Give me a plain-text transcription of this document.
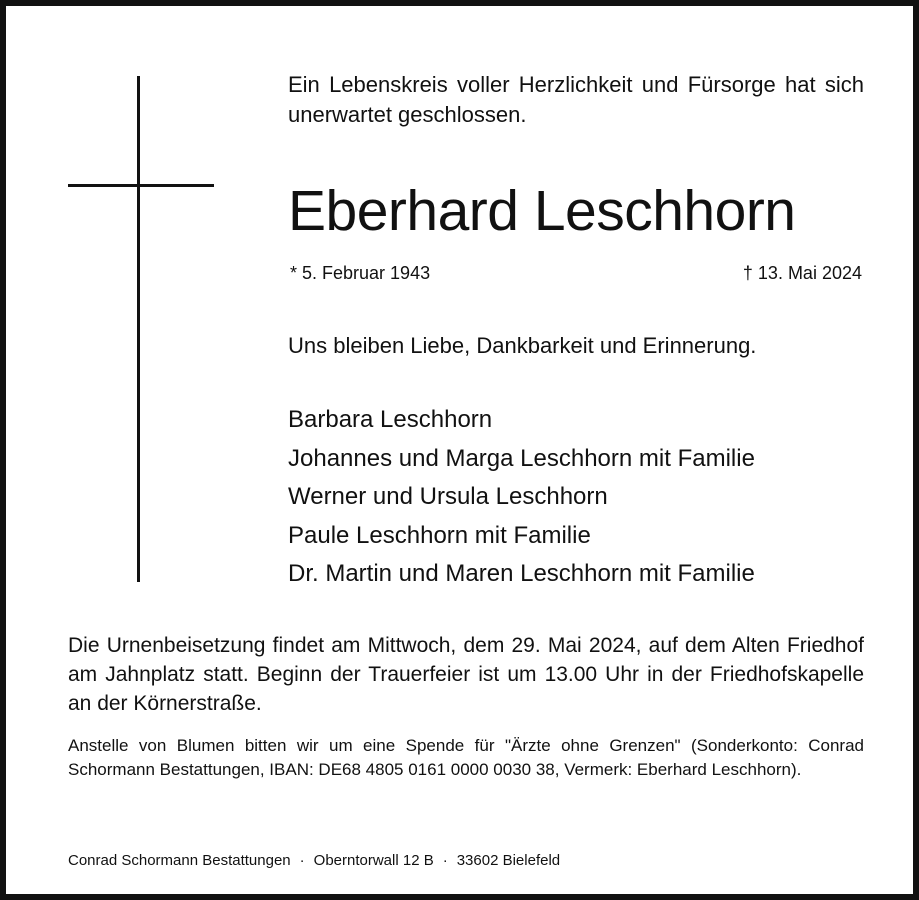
Ein Lebenskreis voller Herzlichkeit und Fürsorge hat sich unerwartet geschlossen.
Eberhard Leschhorn
* 5. Februar 1943	† 13. Mai 2024
Uns bleiben Liebe, Dankbarkeit und Erinnerung.
Barbara Leschhorn
Johannes und Marga Leschhorn mit Familie
Werner und Ursula Leschhorn
Paule Leschhorn mit Familie
Dr. Martin und Maren Leschhorn mit Familie
Die Urnenbeisetzung findet am Mittwoch, dem 29. Mai 2024, auf dem Alten Friedhof am Jahnplatz statt. Beginn der Trauerfeier ist um 13.00 Uhr in der Friedhofskapelle an der Körnerstraße.
Anstelle von Blumen bitten wir um eine Spende für "Ärzte ohne Grenzen" (Sonderkonto: Conrad Schormann Bestattungen, IBAN: DE68 4805 0161 0000 0030 38, Vermerk: Eberhard Leschhorn).
Conrad Schormann Bestattungen · Oberntorwall 12 B · 33602 Bielefeld
